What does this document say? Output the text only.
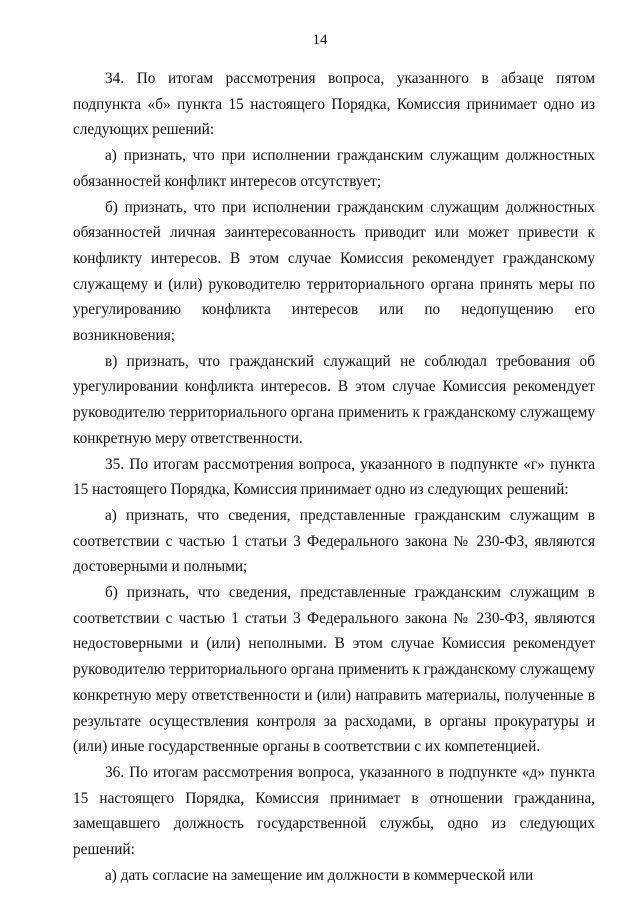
14

34. По итогам рассмотрения вопроса, указанного в абзаце пятом подпункта «б» пункта 15 настоящего Порядка, Комиссия принимает одно из следующих решений:

а) признать, что при исполнении гражданским служащим должностных обязанностей конфликт интересов отсутствует;

б) признать, что при исполнении гражданским служащим должностных обязанностей личная заинтересованность приводит или может привести к конфликту интересов. В этом случае Комиссия рекомендует гражданскому служащему и (или) руководителю территориального органа принять меры по урегулированию конфликта интересов или по недопущению его возникновения;

в) признать, что гражданский служащий не соблюдал требования об урегулировании конфликта интересов. В этом случае Комиссия рекомендует руководителю территориального органа применить к гражданскому служащему конкретную меру ответственности.

35. По итогам рассмотрения вопроса, указанного в подпункте «г» пункта 15 настоящего Порядка, Комиссия принимает одно из следующих решений:

а) признать, что сведения, представленные гражданским служащим в соответствии с частью 1 статьи 3 Федерального закона № 230-ФЗ, являются достоверными и полными;

б) признать, что сведения, представленные гражданским служащим в соответствии с частью 1 статьи 3 Федерального закона № 230-ФЗ, являются недостоверными и (или) неполными. В этом случае Комиссия рекомендует руководителю территориального органа применить к гражданскому служащему конкретную меру ответственности и (или) направить материалы, полученные в результате осуществления контроля за расходами, в органы прокуратуры и (или) иные государственные органы в соответствии с их компетенцией.

36. По итогам рассмотрения вопроса, указанного в подпункте «д» пункта 15 настоящего Порядка, Комиссия принимает в отношении гражданина, замещавшего должность государственной службы, одно из следующих решений:

а) дать согласие на замещение им должности в коммерческой или
